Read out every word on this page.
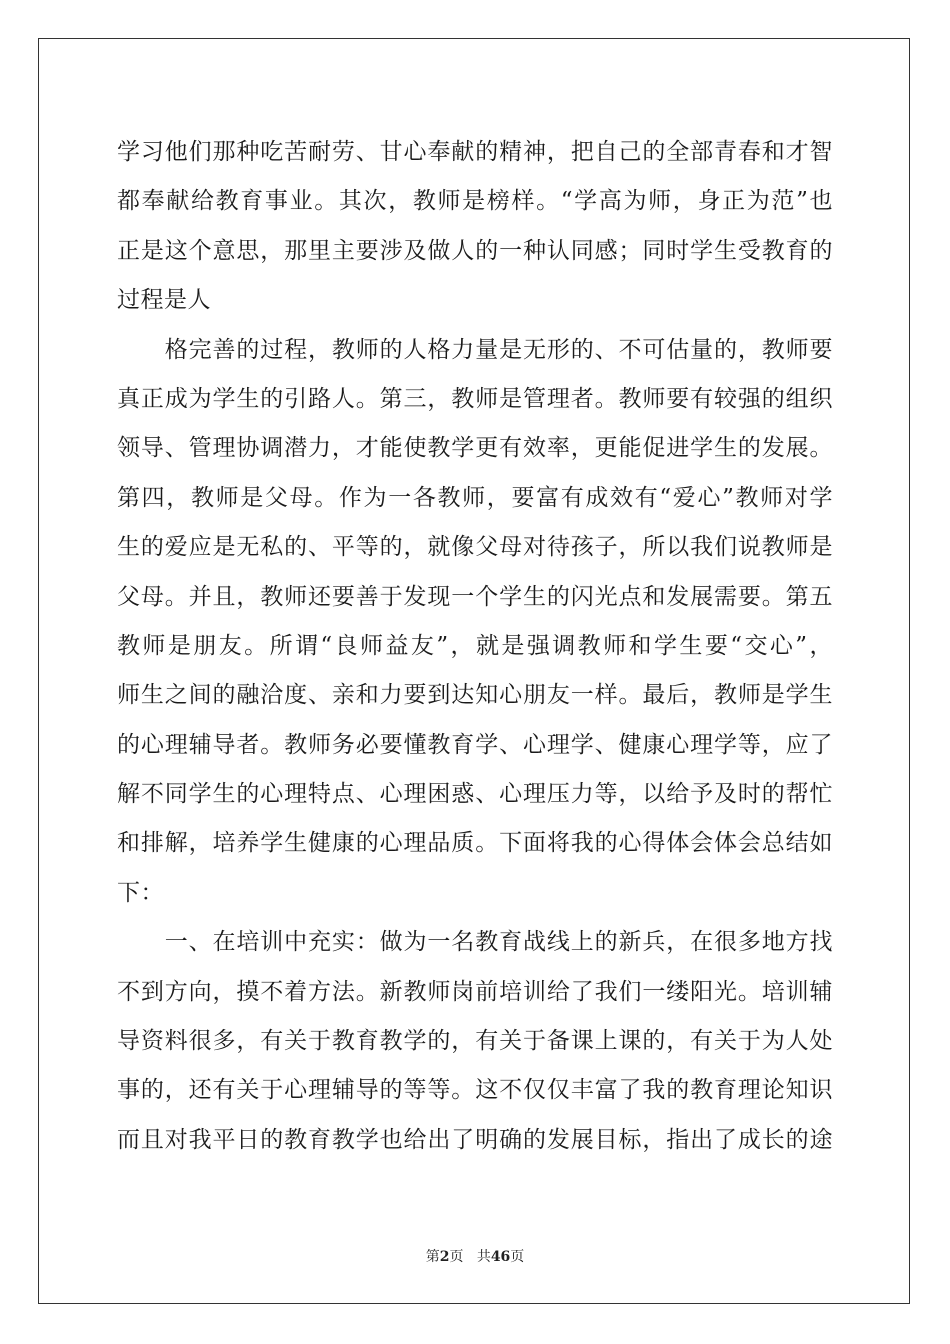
学习他们那种吃苦耐劳、甘心奉献的精神，把自己的全部青春和才智
都奉献给教育事业。其次，教师是榜样。“学高为师，身正为范”也
正是这个意思，那里主要涉及做人的一种认同感；同时学生受教育的
过程是人
　　格完善的过程，教师的人格力量是无形的、不可估量的，教师要
真正成为学生的引路人。第三，教师是管理者。教师要有较强的组织
领导、管理协调潜力，才能使教学更有效率，更能促进学生的发展。
第四，教师是父母。作为一各教师，要富有成效有“爱心”教师对学
生的爱应是无私的、平等的，就像父母对待孩子，所以我们说教师是
父母。并且，教师还要善于发现一个学生的闪光点和发展需要。第五
教师是朋友。所谓“良师益友”，就是强调教师和学生要“交心”，
师生之间的融洽度、亲和力要到达知心朋友一样。最后，教师是学生
的心理辅导者。教师务必要懂教育学、心理学、健康心理学等，应了
解不同学生的心理特点、心理困惑、心理压力等，以给予及时的帮忙
和排解，培养学生健康的心理品质。下面将我的心得体会体会总结如
下：
　　一、在培训中充实：做为一名教育战线上的新兵，在很多地方找
不到方向，摸不着方法。新教师岗前培训给了我们一缕阳光。培训辅
导资料很多，有关于教育教学的，有关于备课上课的，有关于为人处
事的，还有关于心理辅导的等等。这不仅仅丰富了我的教育理论知识
而且对我平日的教育教学也给出了明确的发展目标，指出了成长的途
第2页 共46页
